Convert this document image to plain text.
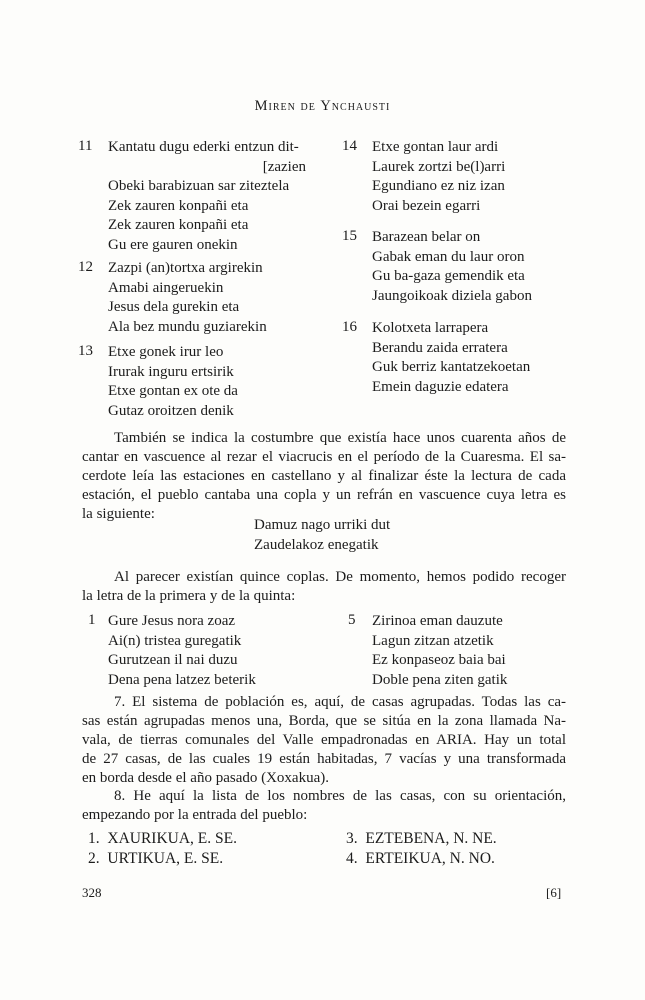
Miren de Ynchausti
11 Kantatu dugu ederki entzun dit-
[zazien
Obeki barabizuan sar ziteztela
Zek zauren konpañi eta
Zek zauren konpañi eta
Gu ere gauren onekin
12 Zazpi (an)tortxa argirekin
Amabi aingeruekin
Jesus dela gurekin eta
Ala bez mundu guziarekin
13 Etxe gonek irur leo
Irurak inguru ertsirik
Etxe gontan ex ote da
Gutaz oroitzen denik
14 Etxe gontan laur ardi
Laurek zortzi be(l)arri
Egundiano ez niz izan
Orai bezein egarri
15 Barazean belar on
Gabak eman du laur oron
Gu ba-gaza gemendik eta
Jaungoikoak diziela gabon
16 Kolotxeta larrapera
Berandu zaida erratera
Guk berriz kantatzekoetan
Emein daguzie edatera
También se indica la costumbre que existía hace unos cuarenta años de
cantar en vascuence al rezar el viacrucis en el período de la Cuaresma. El sa-
cerdote leía las estaciones en castellano y al finalizar éste la lectura de cada
estación, el pueblo cantaba una copla y un refrán en vascuence cuya letra es
la siguiente:
Damuz nago urriki dut
Zaudelakoz enegatik
Al parecer existían quince coplas. De momento, hemos podido recoger
la letra de la primera y de la quinta:
1 Gure Jesus nora zoaz
Ai(n) tristea guregatik
Gurutzean il nai duzu
Dena pena latzez beterik
5 Zirinoa eman dauzute
Lagun zitzan atzetik
Ez konpaseoz baia bai
Doble pena ziten gatik
7. El sistema de población es, aquí, de casas agrupadas. Todas las ca-
sas están agrupadas menos una, Borda, que se sitúa en la zona llamada Na-
vala, de tierras comunales del Valle empadronadas en ARIA. Hay un total
de 27 casas, de las cuales 19 están habitadas, 7 vacías y una transformada
en borda desde el año pasado (Xoxakua).
8. He aquí la lista de los nombres de las casas, con su orientación,
empezando por la entrada del pueblo:
1. XAURIKUA, E. SE.
2. URTIKUA, E. SE.
3. EZTEBENA, N. NE.
4. ERTEIKUA, N. NO.
328	[6]
